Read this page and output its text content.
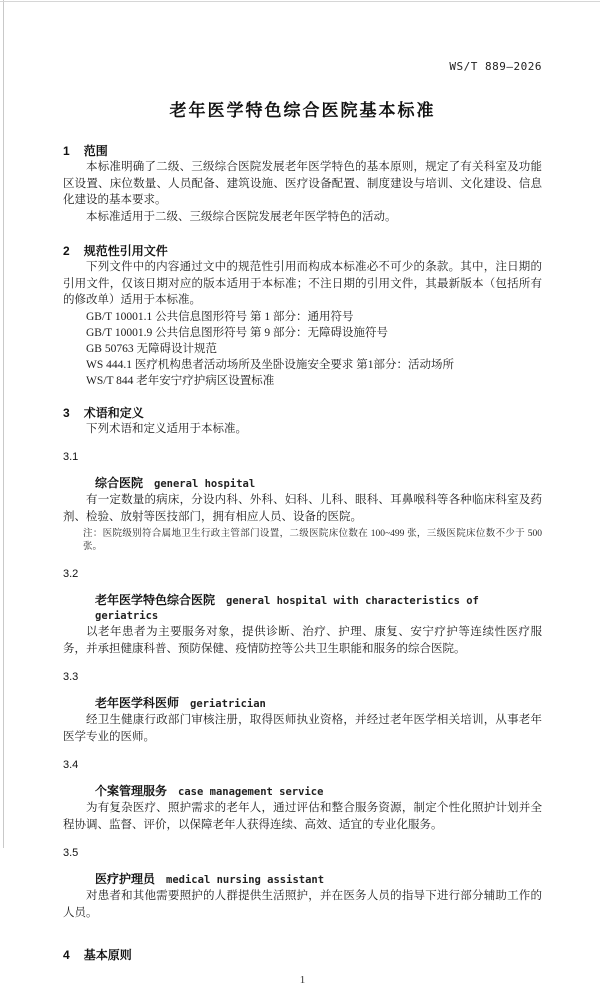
WS/T 889—2026
老年医学特色综合医院基本标准
1 范围

本标准明确了二级、三级综合医院发展老年医学特色的基本原则，规定了有关科室及功能区设置、床位数量、人员配备、建筑设施、医疗设备配置、制度建设与培训、文化建设、信息化建设的基本要求。

本标准适用于二级、三级综合医院发展老年医学特色的活动。

2 规范性引用文件

下列文件中的内容通过文中的规范性引用而构成本标准必不可少的条款。其中，注日期的引用文件，仅该日期对应的版本适用于本标准；不注日期的引用文件，其最新版本（包括所有的修改单）适用于本标准。

GB/T 10001.1 公共信息图形符号 第 1 部分：通用符号
GB/T 10001.9 公共信息图形符号 第 9 部分：无障碍设施符号
GB 50763 无障碍设计规范
WS 444.1 医疗机构患者活动场所及坐卧设施安全要求 第1部分：活动场所
WS/T 844 老年安宁疗护病区设置标准
3 术语和定义

下列术语和定义适用于本标准。

3.1
综合医院 general hospital

有一定数量的病床，分设内科、外科、妇科、儿科、眼科、耳鼻喉科等各种临床科室及药剂、检验、放射等医技部门，拥有相应人员、设备的医院。

注：医院级别符合属地卫生行政主管部门设置，二级医院床位数在 100~499 张，三级医院床位数不少于 500 张。

3.2
老年医学特色综合医院 general hospital with characteristics of geriatrics

以老年患者为主要服务对象，提供诊断、治疗、护理、康复、安宁疗护等连续性医疗服务，并承担健康科普、预防保健、疫情防控等公共卫生职能和服务的综合医院。

3.3
老年医学科医师 geriatrician

经卫生健康行政部门审核注册，取得医师执业资格，并经过老年医学相关培训，从事老年医学专业的医师。

3.4
个案管理服务 case management service

为有复杂医疗、照护需求的老年人，通过评估和整合服务资源，制定个性化照护计划并全程协调、监督、评价，以保障老年人获得连续、高效、适宜的专业化服务。

3.5
医疗护理员 medical nursing assistant

对患者和其他需要照护的人群提供生活照护，并在医务人员的指导下进行部分辅助工作的人员。

4 基本原则
1
